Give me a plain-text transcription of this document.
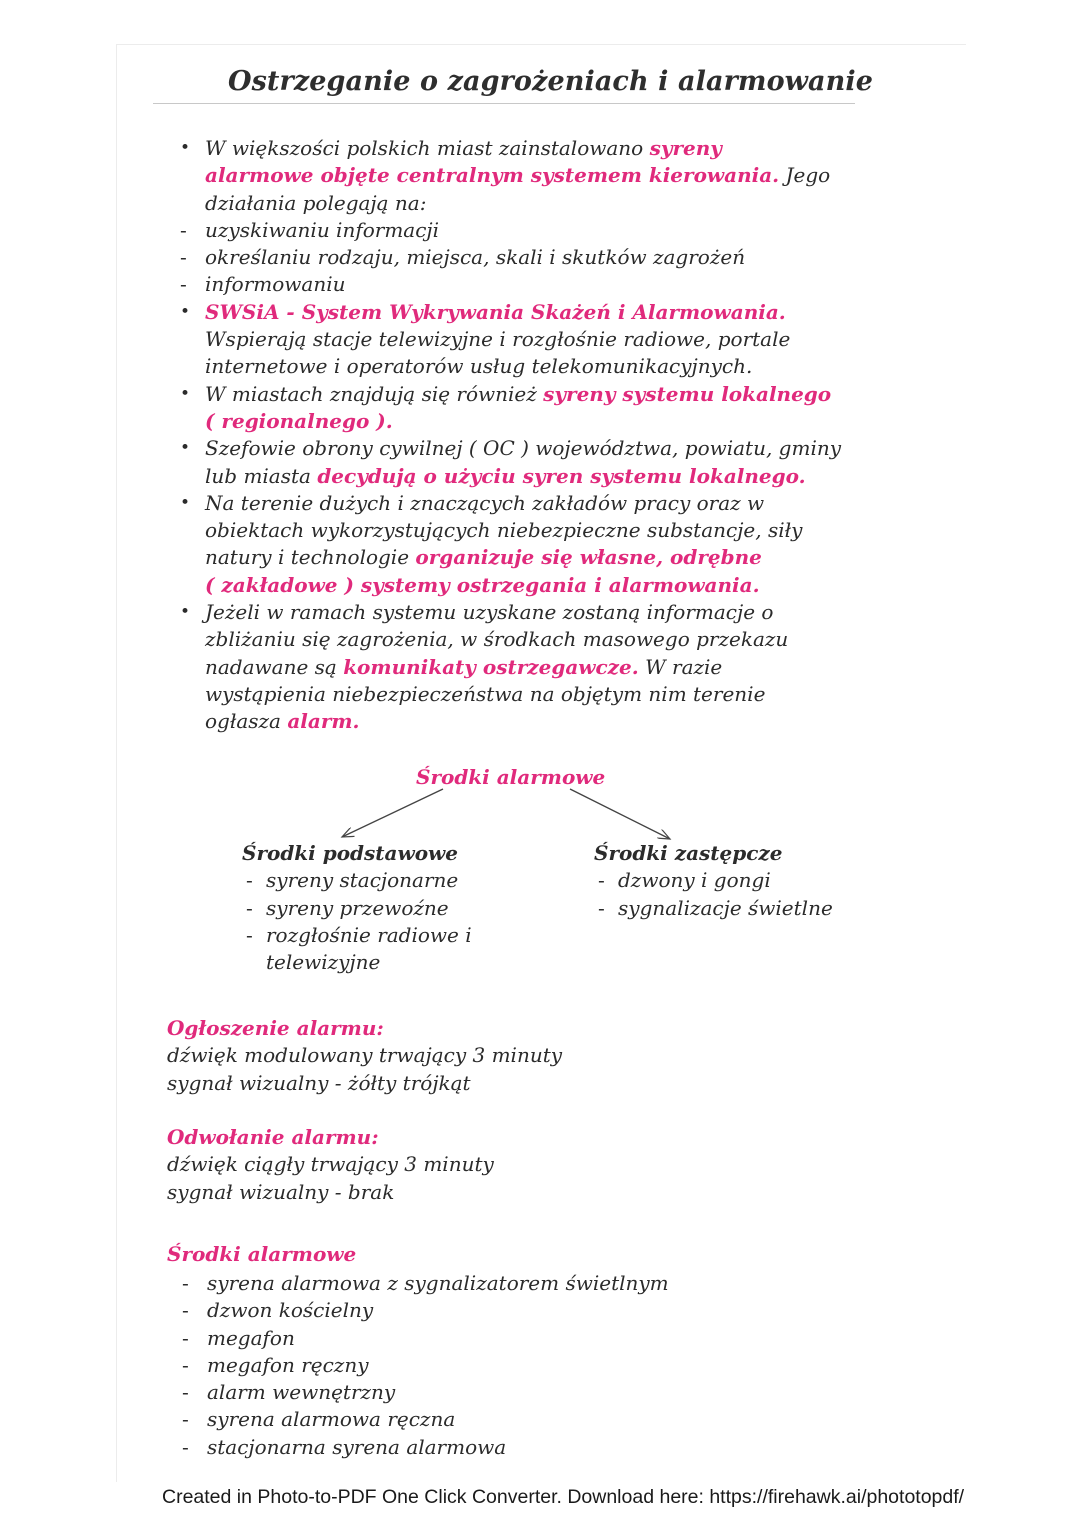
Ostrzeganie o zagrożeniach i alarmowanie
• W większości polskich miast zainstalowano syreny
alarmowe objęte centralnym systemem kierowania. Jego
działania polegają na:
- uzyskiwaniu informacji
- określaniu rodzaju, miejsca, skali i skutków zagrożeń
- informowaniu
• SWSiA - System Wykrywania Skażeń i Alarmowania.
Wspierają stacje telewizyjne i rozgłośnie radiowe, portale
internetowe i operatorów usług telekomunikacyjnych.
• W miastach znajdują się również syreny systemu lokalnego
( regionalnego ).
• Szefowie obrony cywilnej ( OC ) województwa, powiatu, gminy
lub miasta decydują o użyciu syren systemu lokalnego.
• Na terenie dużych i znaczących zakładów pracy oraz w
obiektach wykorzystujących niebezpieczne substancje, siły
natury i technologie organizuje się własne, odrębne
( zakładowe ) systemy ostrzegania i alarmowania.
• Jeżeli w ramach systemu uzyskane zostaną informacje o
zbliżaniu się zagrożenia, w środkach masowego przekazu
nadawane są komunikaty ostrzegawcze. W razie
wystąpienia niebezpieczeństwa na objętym nim terenie
ogłasza alarm.
Środki alarmowe
Środki podstawowe
- syreny stacjonarne
- syreny przewoźne
- rozgłośnie radiowe i
telewizyjne
Środki zastępcze
- dzwony i gongi
- sygnalizacje świetlne
Ogłoszenie alarmu:
dźwięk modulowany trwający 3 minuty
sygnał wizualny - żółty trójkąt
Odwołanie alarmu:
dźwięk ciągły trwający 3 minuty
sygnał wizualny - brak
Środki alarmowe
- syrena alarmowa z sygnalizatorem świetlnym
- dzwon kościelny
- megafon
- megafon ręczny
- alarm wewnętrzny
- syrena alarmowa ręczna
- stacjonarna syrena alarmowa
Created in Photo-to-PDF One Click Converter. Download here: https://firehawk.ai/phototopdf/
